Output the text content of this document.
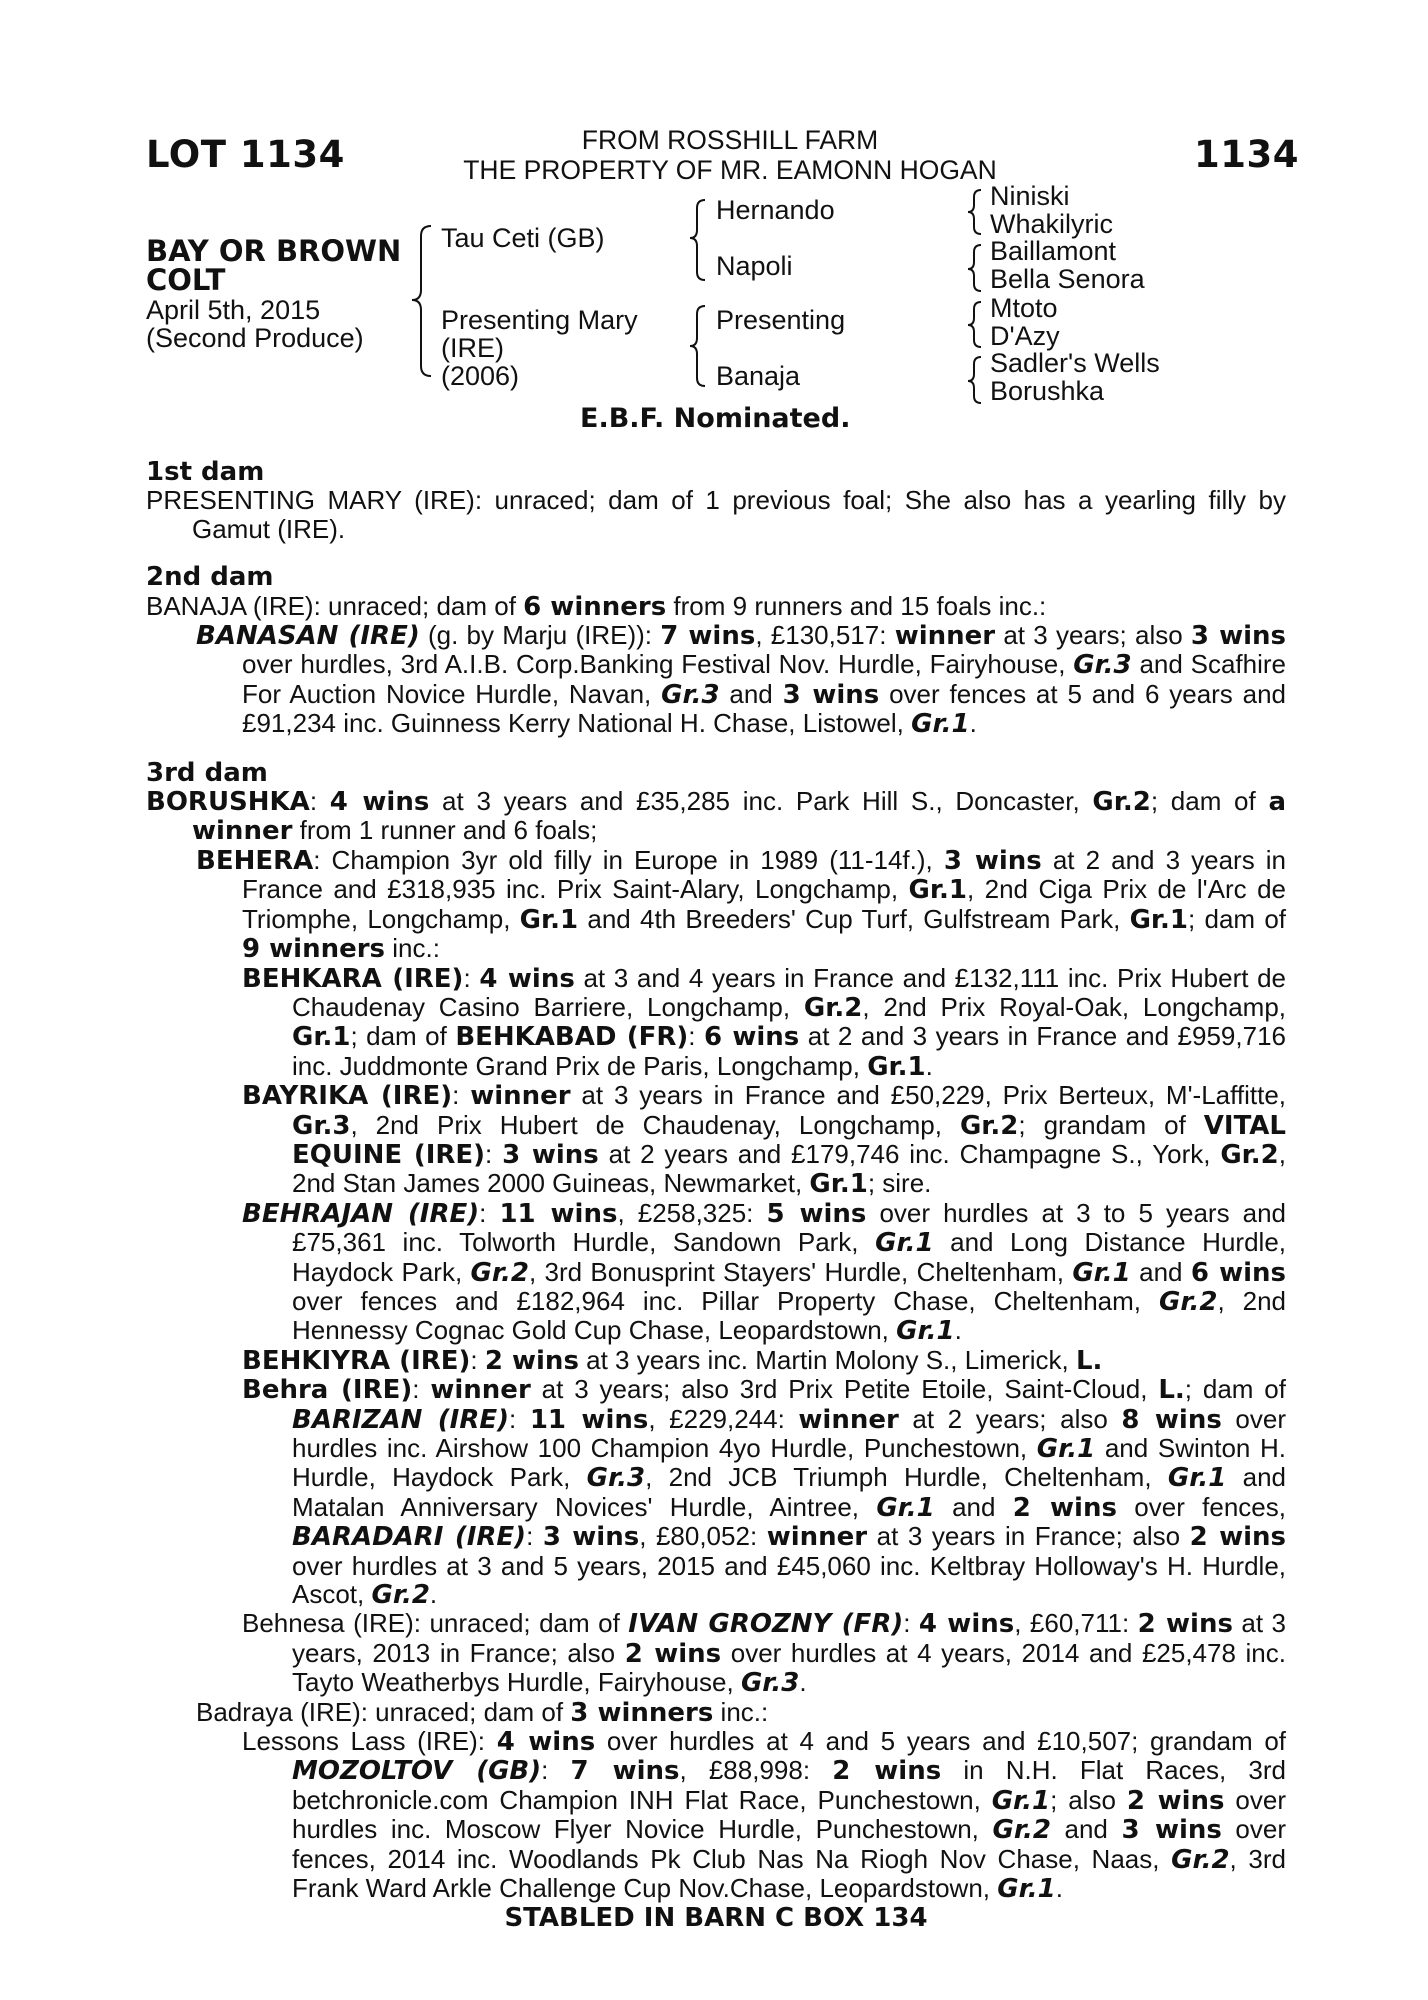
LOT 1134	FROM ROSSHILL FARM
THE PROPERTY OF MR. EAMONN HOGAN	1134
BAY OR BROWN
COLT
April 5th, 2015
(Second Produce)
Tau Ceti (GB)
Presenting Mary
(IRE)
(2006)
Hernando
Napoli
Presenting
Banaja
Niniski
Whakilyric
Baillamont
Bella Senora
Mtoto
D'Azy
Sadler's Wells
Borushka
E.B.F. Nominated.
1st dam
PRESENTING MARY (IRE): unraced; dam of 1 previous foal; She also has a yearling filly by Gamut (IRE).
2nd dam
BANAJA (IRE): unraced; dam of 6 winners from 9 runners and 15 foals inc.:
BANASAN (IRE) (g. by Marju (IRE)): 7 wins, £130,517: winner at 3 years; also 3 wins over hurdles, 3rd A.I.B. Corp.Banking Festival Nov. Hurdle, Fairyhouse, Gr.3 and Scafhire For Auction Novice Hurdle, Navan, Gr.3 and 3 wins over fences at 5 and 6 years and £91,234 inc. Guinness Kerry National H. Chase, Listowel, Gr.1.
3rd dam
BORUSHKA: 4 wins at 3 years and £35,285 inc. Park Hill S., Doncaster, Gr.2; dam of a winner from 1 runner and 6 foals;
BEHERA: Champion 3yr old filly in Europe in 1989 (11-14f.), 3 wins at 2 and 3 years in France and £318,935 inc. Prix Saint-Alary, Longchamp, Gr.1, 2nd Ciga Prix de l'Arc de Triomphe, Longchamp, Gr.1 and 4th Breeders' Cup Turf, Gulfstream Park, Gr.1; dam of 9 winners inc.:
BEHKARA (IRE): 4 wins at 3 and 4 years in France and £132,111 inc. Prix Hubert de Chaudenay Casino Barriere, Longchamp, Gr.2, 2nd Prix Royal-Oak, Longchamp, Gr.1; dam of BEHKABAD (FR): 6 wins at 2 and 3 years in France and £959,716 inc. Juddmonte Grand Prix de Paris, Longchamp, Gr.1.
BAYRIKA (IRE): winner at 3 years in France and £50,229, Prix Berteux, M'-Laffitte, Gr.3, 2nd Prix Hubert de Chaudenay, Longchamp, Gr.2; grandam of VITAL EQUINE (IRE): 3 wins at 2 years and £179,746 inc. Champagne S., York, Gr.2, 2nd Stan James 2000 Guineas, Newmarket, Gr.1; sire.
BEHRAJAN (IRE): 11 wins, £258,325: 5 wins over hurdles at 3 to 5 years and £75,361 inc. Tolworth Hurdle, Sandown Park, Gr.1 and Long Distance Hurdle, Haydock Park, Gr.2, 3rd Bonusprint Stayers' Hurdle, Cheltenham, Gr.1 and 6 wins over fences and £182,964 inc. Pillar Property Chase, Cheltenham, Gr.2, 2nd Hennessy Cognac Gold Cup Chase, Leopardstown, Gr.1.
BEHKIYRA (IRE): 2 wins at 3 years inc. Martin Molony S., Limerick, L.
Behra (IRE): winner at 3 years; also 3rd Prix Petite Etoile, Saint-Cloud, L.; dam of BARIZAN (IRE): 11 wins, £229,244: winner at 2 years; also 8 wins over hurdles inc. Airshow 100 Champion 4yo Hurdle, Punchestown, Gr.1 and Swinton H. Hurdle, Haydock Park, Gr.3, 2nd JCB Triumph Hurdle, Cheltenham, Gr.1 and Matalan Anniversary Novices' Hurdle, Aintree, Gr.1 and 2 wins over fences, BARADARI (IRE): 3 wins, £80,052: winner at 3 years in France; also 2 wins over hurdles at 3 and 5 years, 2015 and £45,060 inc. Keltbray Holloway's H. Hurdle, Ascot, Gr.2.
Behnesa (IRE): unraced; dam of IVAN GROZNY (FR): 4 wins, £60,711: 2 wins at 3 years, 2013 in France; also 2 wins over hurdles at 4 years, 2014 and £25,478 inc. Tayto Weatherbys Hurdle, Fairyhouse, Gr.3.
Badraya (IRE): unraced; dam of 3 winners inc.:
Lessons Lass (IRE): 4 wins over hurdles at 4 and 5 years and £10,507; grandam of MOZOLTOV (GB): 7 wins, £88,998: 2 wins in N.H. Flat Races, 3rd betchronicle.com Champion INH Flat Race, Punchestown, Gr.1; also 2 wins over hurdles inc. Moscow Flyer Novice Hurdle, Punchestown, Gr.2 and 3 wins over fences, 2014 inc. Woodlands Pk Club Nas Na Riogh Nov Chase, Naas, Gr.2, 3rd Frank Ward Arkle Challenge Cup Nov.Chase, Leopardstown, Gr.1.
STABLED IN BARN C BOX 134
